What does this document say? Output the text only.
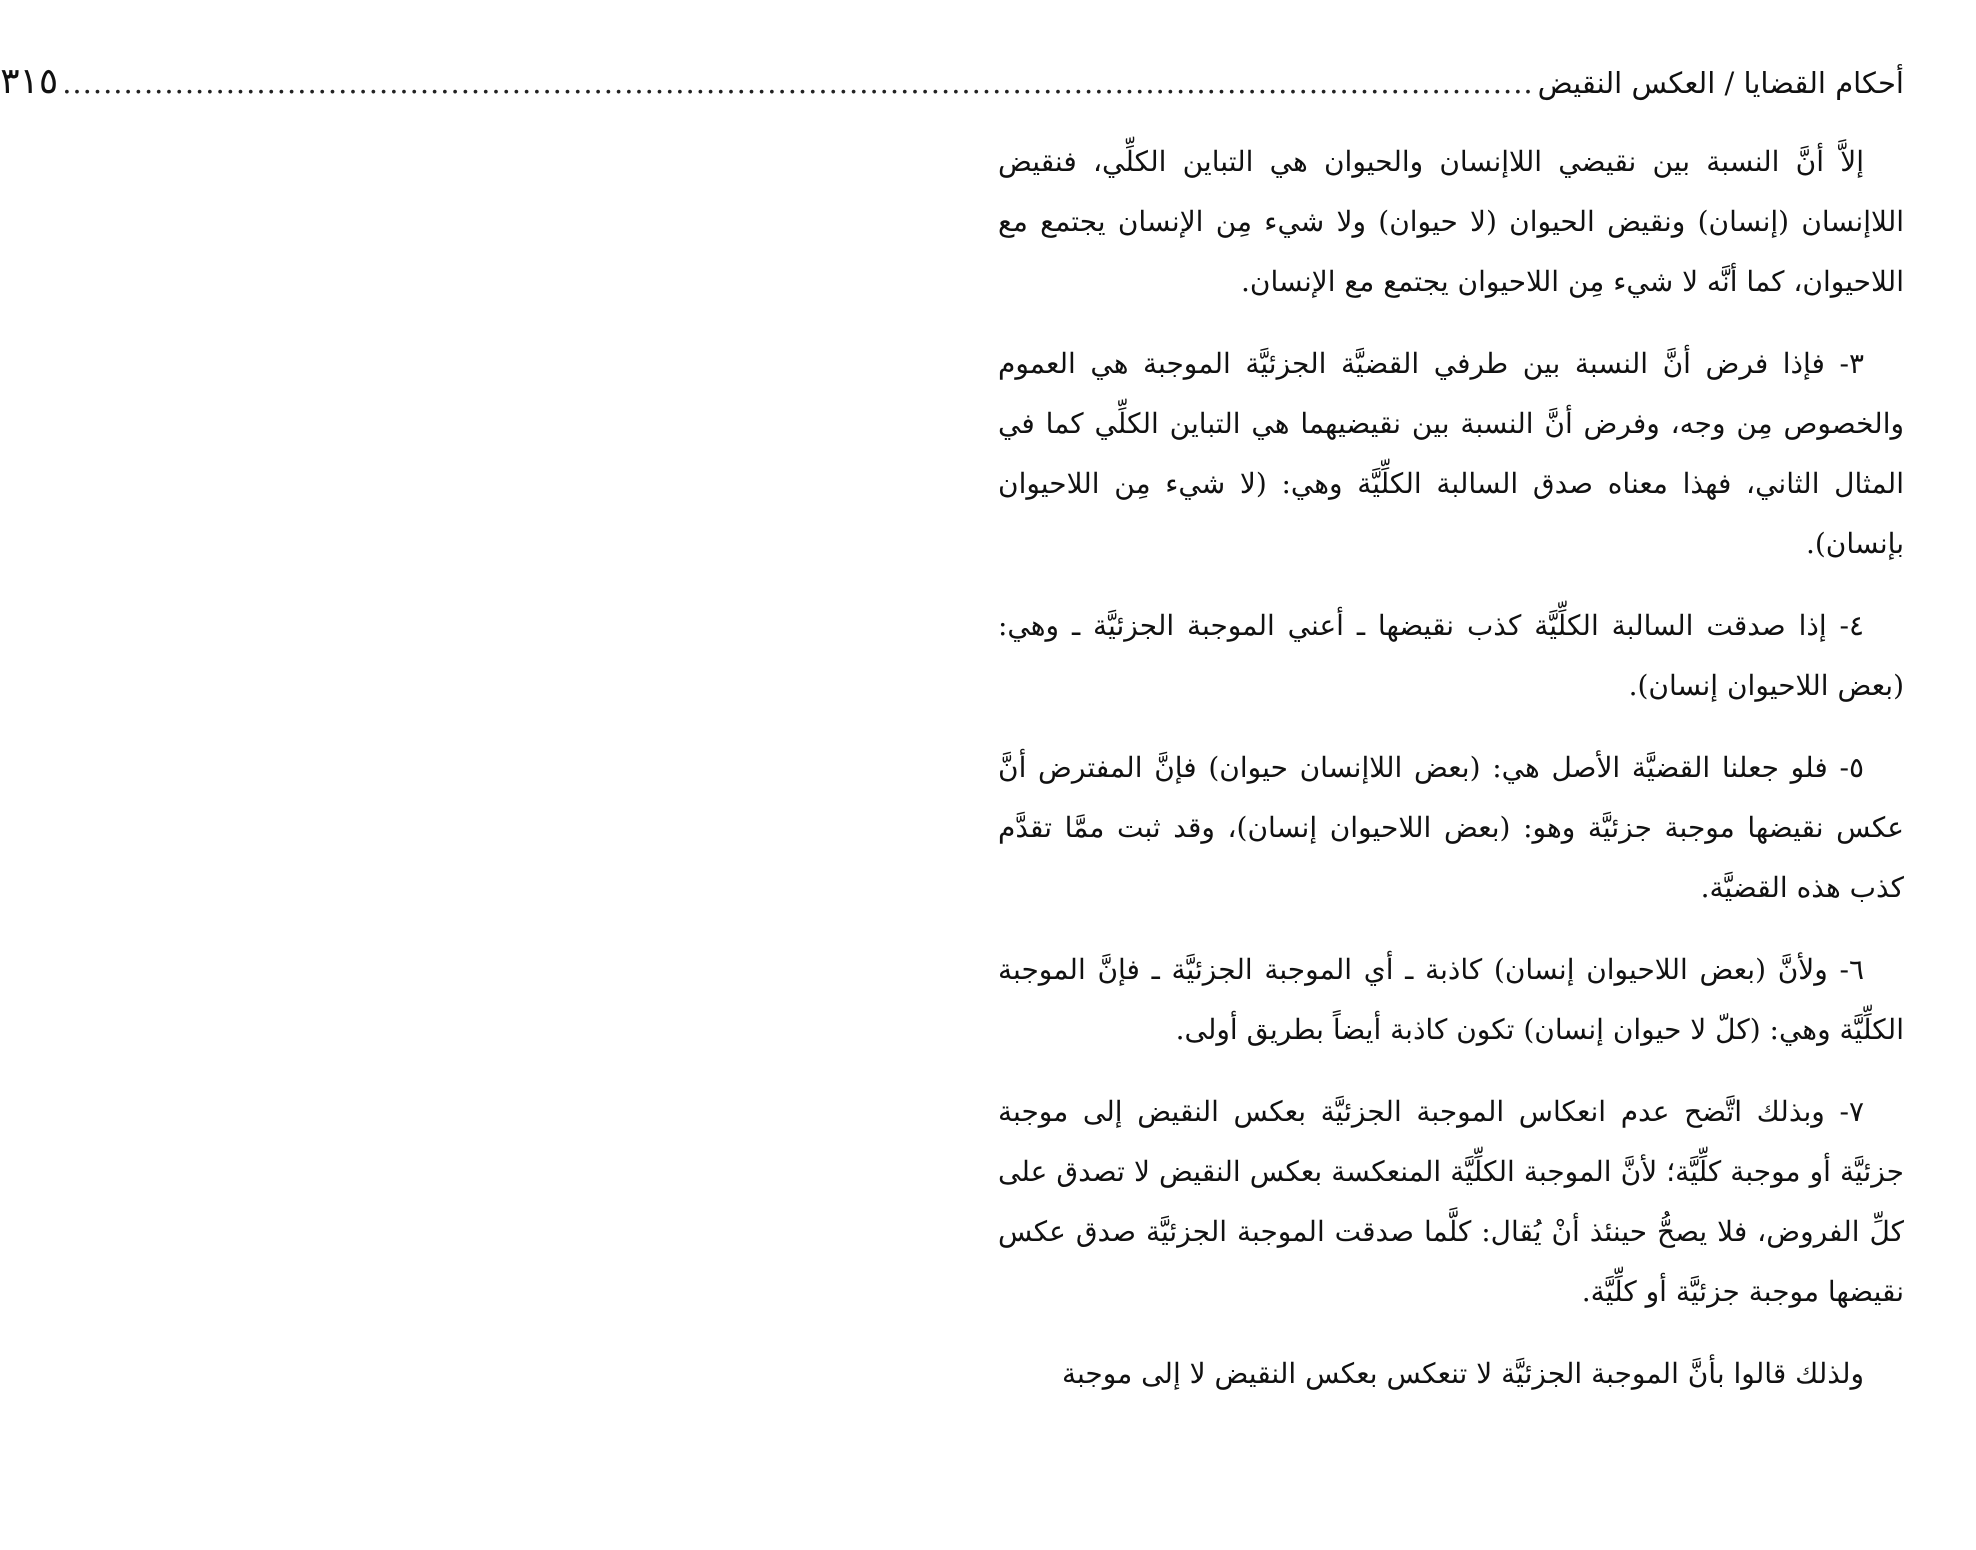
أحكام القضايا / العكس النقيض
................................................................................................................................................
٣١٥

إلاَّ أنَّ النسبة بين نقيضي اللاإنسان والحيوان هي التباين الكلِّي، فنقيض اللاإنسان (إنسان) ونقيض الحيوان (لا حيوان) ولا شيء مِن الإنسان يجتمع مع اللاحيوان، كما أنَّه لا شيء مِن اللاحيوان يجتمع مع الإنسان.

٣- فإذا فرض أنَّ النسبة بين طرفي القضيَّة الجزئيَّة الموجبة هي العموم والخصوص مِن وجه، وفرض أنَّ النسبة بين نقيضيهما هي التباين الكلِّي كما في المثال الثاني، فهذا معناه صدق السالبة الكلِّيَّة وهي: (لا شيء مِن اللاحيوان بإنسان).

٤- إذا صدقت السالبة الكلِّيَّة كذب نقيضها ـ أعني الموجبة الجزئيَّة ـ وهي: (بعض اللاحيوان إنسان).

٥- فلو جعلنا القضيَّة الأصل هي: (بعض اللاإنسان حيوان) فإنَّ المفترض أنَّ عكس نقيضها موجبة جزئيَّة وهو: (بعض اللاحيوان إنسان)، وقد ثبت ممَّا تقدَّم كذب هذه القضيَّة.

٦- ولأنَّ (بعض اللاحيوان إنسان) كاذبة ـ أي الموجبة الجزئيَّة ـ فإنَّ الموجبة الكلِّيَّة وهي: (كلّ لا حيوان إنسان) تكون كاذبة أيضاً بطريق أولى.

٧- وبذلك اتَّضح عدم انعكاس الموجبة الجزئيَّة بعكس النقيض إلى موجبة جزئيَّة أو موجبة كلِّيَّة؛ لأنَّ الموجبة الكلِّيَّة المنعكسة بعكس النقيض لا تصدق على كلِّ الفروض، فلا يصحُّ حينئذ أنْ يُقال: كلَّما صدقت الموجبة الجزئيَّة صدق عكس نقيضها موجبة جزئيَّة أو كلِّيَّة.

ولذلك قالوا بأنَّ الموجبة الجزئيَّة لا تنعكس بعكس النقيض لا إلى موجبة
